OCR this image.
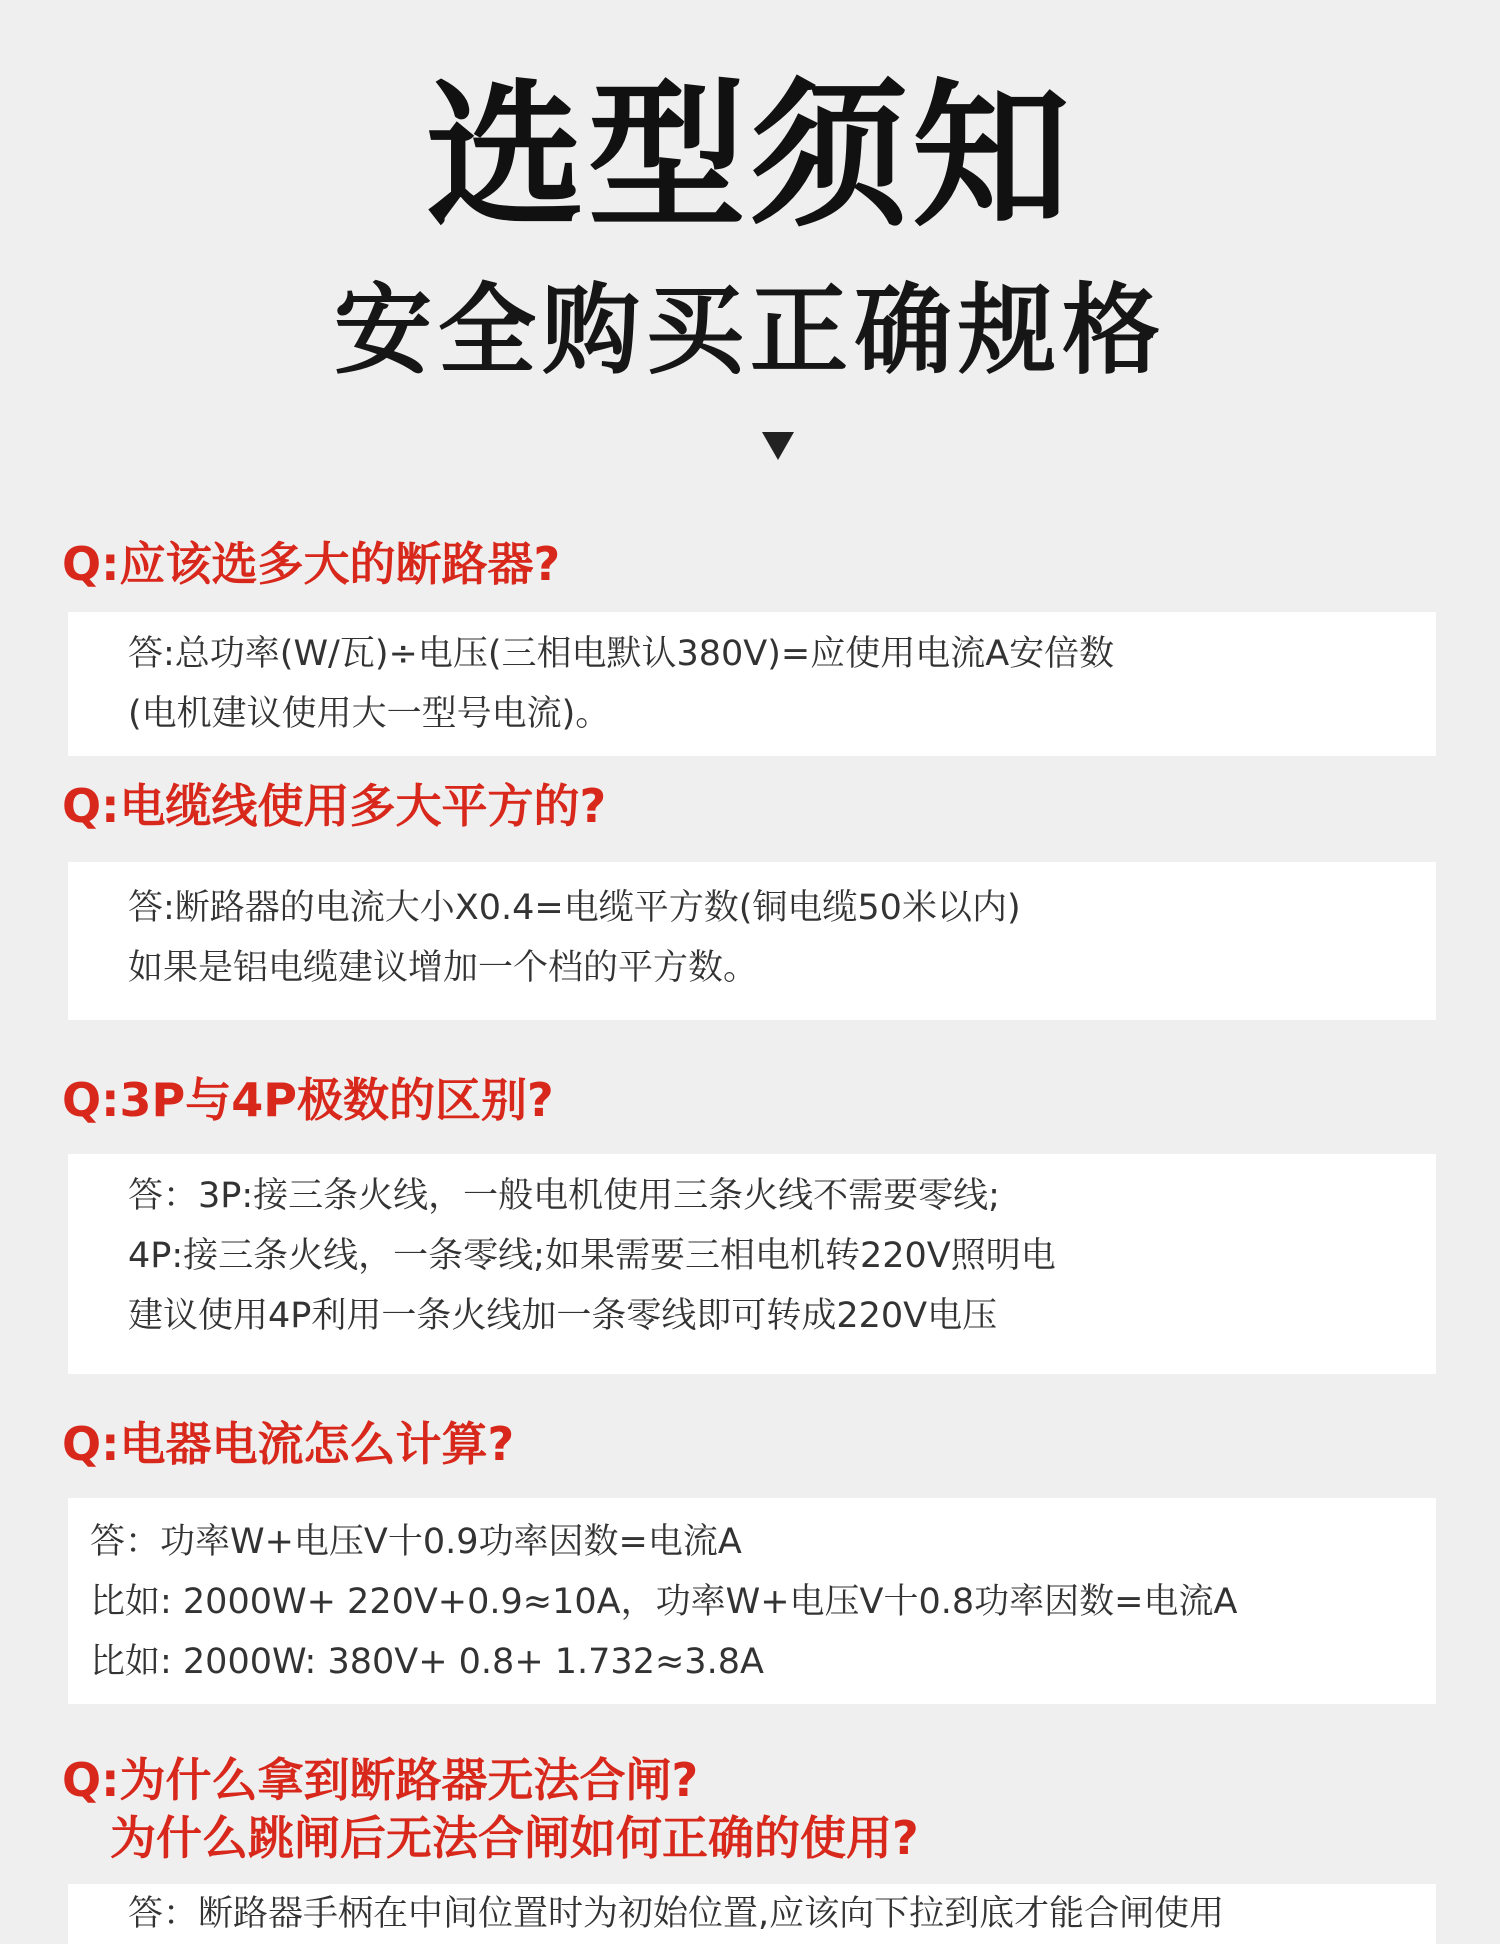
选型须知
安全购买正确规格
Q:应该选多大的断路器?
答:总功率(W/瓦)÷电压(三相电默认380V)=应使用电流A安倍数
(电机建议使用大一型号电流)。
Q:电缆线使用多大平方的?
答:断路器的电流大小X0.4=电缆平方数(铜电缆50米以内)
如果是铝电缆建议增加一个档的平方数。
Q:3P与4P极数的区别?
答：3P:接三条火线，一般电机使用三条火线不需要零线;
4P:接三条火线，一条零线;如果需要三相电机转220V照明电
建议使用4P利用一条火线加一条零线即可转成220V电压
Q:电器电流怎么计算?
答：功率W+电压V十0.9功率因数=电流A
比如: 2000W+ 220V+0.9≈10A，功率W+电压V十0.8功率因数=电流A
比如: 2000W: 380V+ 0.8+ 1.732≈3.8A
Q:为什么拿到断路器无法合闸?
为什么跳闸后无法合闸如何正确的使用?
答：断路器手柄在中间位置时为初始位置,应该向下拉到底才能合闸使用
